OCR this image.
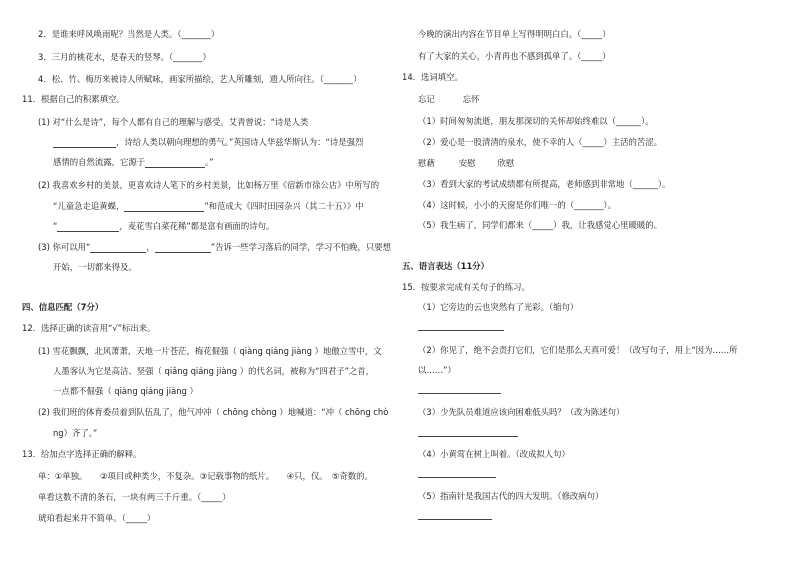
2．是谁来呼风唤雨呢？当然是人类。（_______）
3．三月的桃花水，是春天的竖琴。（_______）
4．松、竹、梅历来被诗人所赋咏，画家所描绘，艺人所雕刻，遗人所向往。（_______）
11．根据自己的积累填空。
(1) 对“什么是诗”，每个人都有自己的理解与感受。艾青曾说：“诗是人类
，诗给人类以朝向理想的勇气。”英国诗人华兹华斯认为：“诗是强烈
感情的自然流露，它源于	。”
(2) 我喜欢乡村的美景，更喜欢诗人笔下的乡村美景，比如杨万里《宿新市徐公店》中所写的
“儿童急走追黄蝶，	”和范成大《四时田园杂兴（其二十五）》中
“	，麦花雪白菜花稀”都是富有画面的诗句。
(3) 你可以用“	，	”告诉一些学习落后的同学，学习不怕晚，只要想
开始，一切都来得及。
四、信息匹配（7分）
12．选择正确的读音用“√”标出来。
(1) 雪花飘飘，北风萧萧，天地一片苍茫，梅花倔强（ qiàng qiáng jiàng ）地傲立雪中，文
人墨客认为它是高洁、坚强（ qiǎng qiáng jiàng ）的代名词，被称为“四君子”之首，
一点都不倔强（ qiàng qiáng jiàng ）
(2) 我们班的体育委员着到队伍乱了，他气冲冲（ chōng chòng ）地喊道：“冲（ chōng chò
ng）齐了。”
13．给加点字选择正确的解释。
单：①单独。　　②项目或种类少，不复杂。③记载事物的纸片。　　④只，仅。　⑤奇数的。
单看这数不清的条石，一块有两三千斤重。（_____）
琥珀看起来并不简单。（_____）
今晚的演出内容在节目单上写得明明白白。（_____）
有了大家的关心，小青再也不感到孤单了。（_____）
14．选词填空。
忘记	忘怀
（1）时间匆匆流逝，朋友那深切的关怀却始终难以（______）。
（2）爱心是一股清清的泉水，使不幸的人（_____）主活的苦涩。
慰藉	安慰	欣慰
（3）看到大家的考试成绩都有所提高，老师感到非常地（______）。
（4）这时候，小小的天窗是你们唯一的（_______）。
（5）我生病了，同学们都来（_____）我，让我感觉心里暖暖的。
五、语言表达（11分）
15．按要求完成有关句子的练习。
（1）它旁边的云也突然有了光彩。（缩句）
（2）你见了，绝不会责打它们，它们是那么天真可爱！（改写句子，用上“因为……所
以……”）
（3）少先队员难道应该向困难低头吗？（改为陈述句）
（4）小黄莺在树上叫着。（改成拟人句）
（5）指南针是我国古代的四大发明。（修改病句）
